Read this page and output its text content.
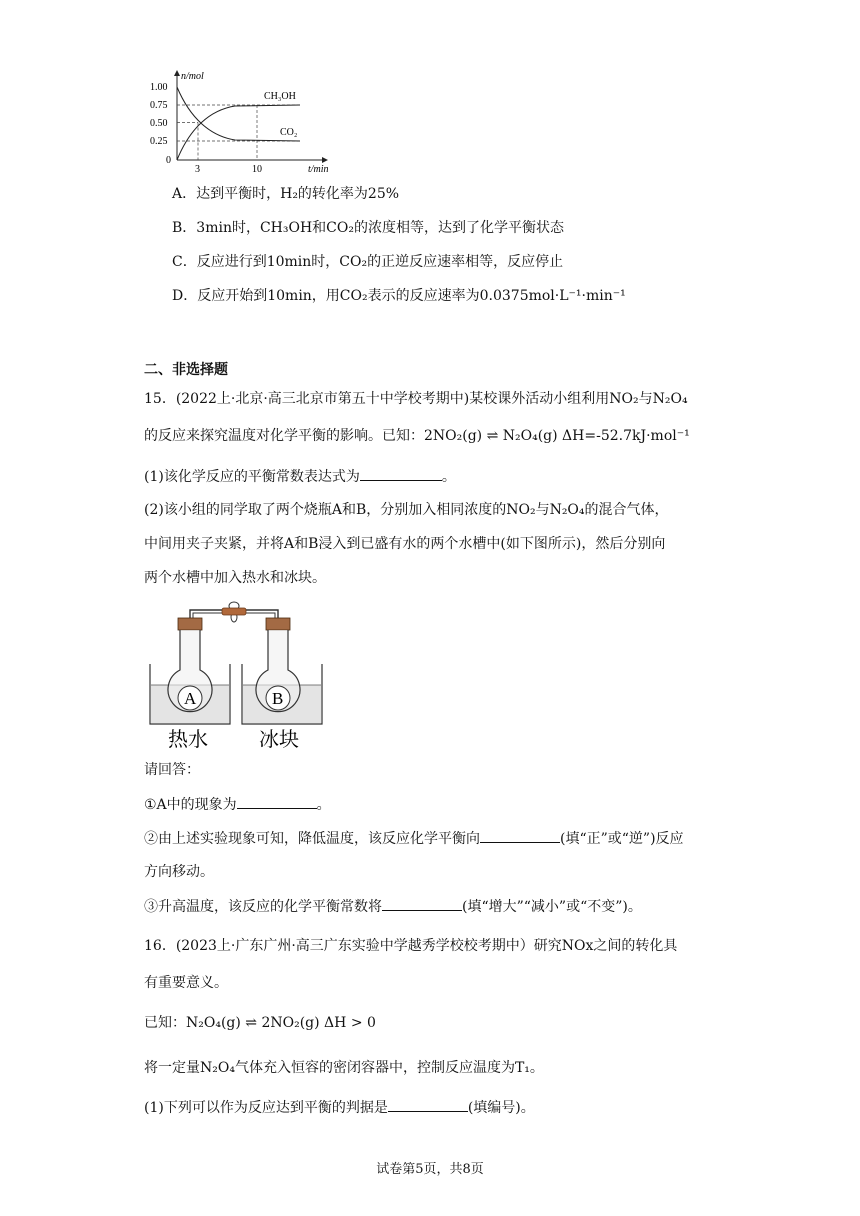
1.00
0.75
0.50
0.25
0
3	10
n/mol
t/min
CH₃OH
CO₂
A．达到平衡时，H₂的转化率为25%
B．3min时，CH₃OH和CO₂的浓度相等，达到了化学平衡状态
C．反应进行到10min时，CO₂的正逆反应速率相等，反应停止
D．反应开始到10min，用CO₂表示的反应速率为0.0375mol·L⁻¹·min⁻¹
二、非选择题
15．(2022上·北京·高三北京市第五十中学校考期中)某校课外活动小组利用NO₂与N₂O₄
的反应来探究温度对化学平衡的影响。已知：2NO₂(g) ⇌ N₂O₄(g) ΔH=-52.7kJ·mol⁻¹
(1)该化学反应的平衡常数表达式为	。
(2)该小组的同学取了两个烧瓶A和B，分别加入相同浓度的NO₂与N₂O₄的混合气体，
中间用夹子夹紧，并将A和B浸入到已盛有水的两个水槽中(如下图所示)，然后分别向
两个水槽中加入热水和冰块。
A	B
热水	冰块
请回答：
①A中的现象为	。
②由上述实验现象可知，降低温度，该反应化学平衡向	(填“正”或“逆”)反应
方向移动。
③升高温度，该反应的化学平衡常数将	(填“增大”“减小”或“不变”)。
16．(2023上·广东广州·高三广东实验中学越秀学校校考期中）研究NOx之间的转化具
有重要意义。
已知：N₂O₄(g) ⇌ 2NO₂(g) ΔH > 0
将一定量N₂O₄气体充入恒容的密闭容器中，控制反应温度为T₁。
(1)下列可以作为反应达到平衡的判据是	(填编号)。
试卷第5页，共8页
